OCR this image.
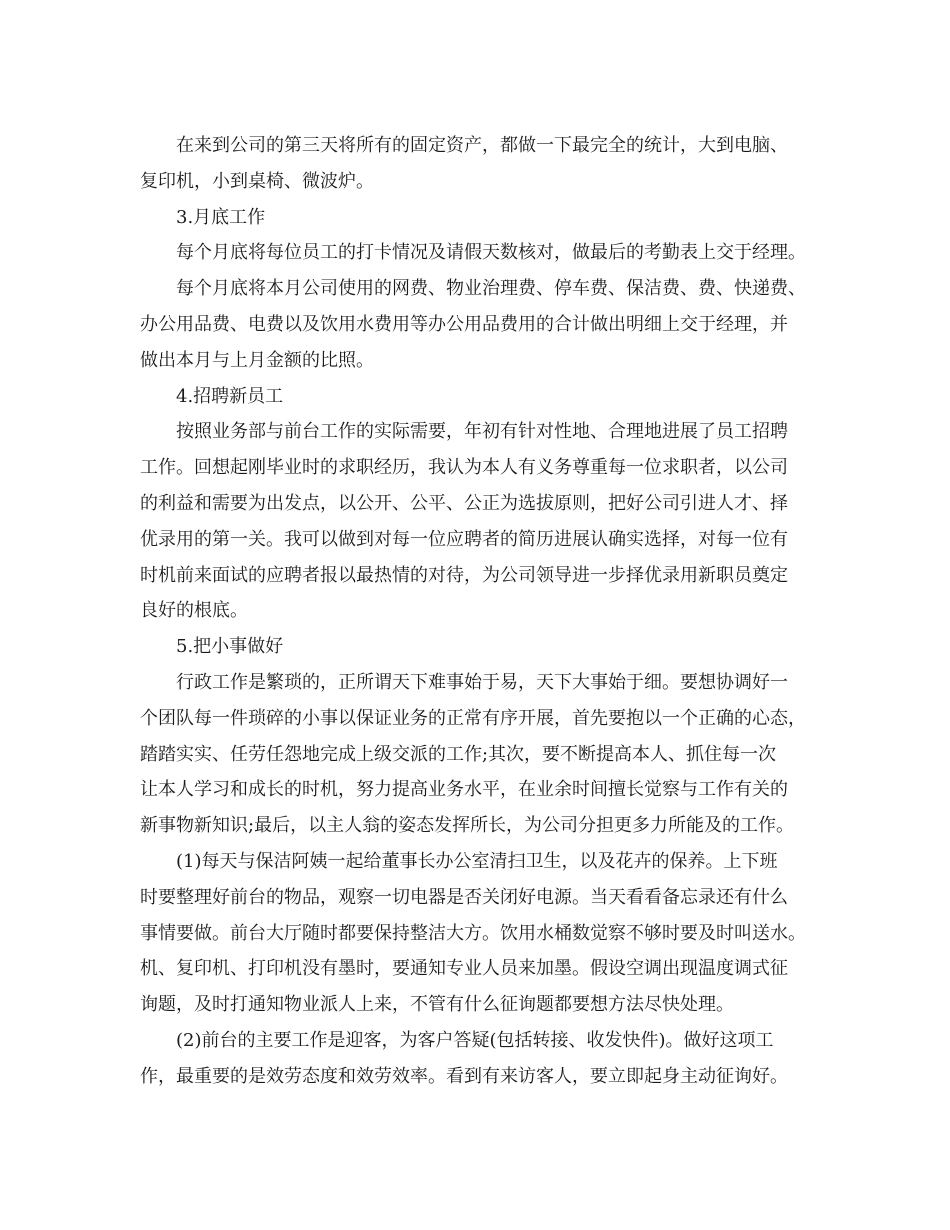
在来到公司的第三天将所有的固定资产，都做一下最完全的统计，大到电脑、
复印机，小到桌椅、微波炉。
3.月底工作
每个月底将每位员工的打卡情况及请假天数核对，做最后的考勤表上交于经理。
每个月底将本月公司使用的网费、物业治理费、停车费、保洁费、费、快递费、
办公用品费、电费以及饮用水费用等办公用品费用的合计做出明细上交于经理，并
做出本月与上月金额的比照。
4.招聘新员工
按照业务部与前台工作的实际需要，年初有针对性地、合理地进展了员工招聘
工作。回想起刚毕业时的求职经历，我认为本人有义务尊重每一位求职者，以公司
的利益和需要为出发点，以公开、公平、公正为选拔原则，把好公司引进人才、择
优录用的第一关。我可以做到对每一位应聘者的简历进展认确实选择，对每一位有
时机前来面试的应聘者报以最热情的对待，为公司领导进一步择优录用新职员奠定
良好的根底。
5.把小事做好
行政工作是繁琐的，正所谓天下难事始于易，天下大事始于细。要想协调好一
个团队每一件琐碎的小事以保证业务的正常有序开展，首先要抱以一个正确的心态，
踏踏实实、任劳任怨地完成上级交派的工作;其次，要不断提高本人、抓住每一次
让本人学习和成长的时机，努力提高业务水平，在业余时间擅长觉察与工作有关的
新事物新知识;最后，以主人翁的姿态发挥所长，为公司分担更多力所能及的工作。
(1)每天与保洁阿姨一起给董事长办公室清扫卫生，以及花卉的保养。上下班
时要整理好前台的物品，观察一切电器是否关闭好电源。当天看看备忘录还有什么
事情要做。前台大厅随时都要保持整洁大方。饮用水桶数觉察不够时要及时叫送水。
机、复印机、打印机没有墨时，要通知专业人员来加墨。假设空调出现温度调式征
询题，及时打通知物业派人上来，不管有什么征询题都要想方法尽快处理。
(2)前台的主要工作是迎客，为客户答疑(包括转接、收发快件)。做好这项工
作，最重要的是效劳态度和效劳效率。看到有来访客人，要立即起身主动征询好。
